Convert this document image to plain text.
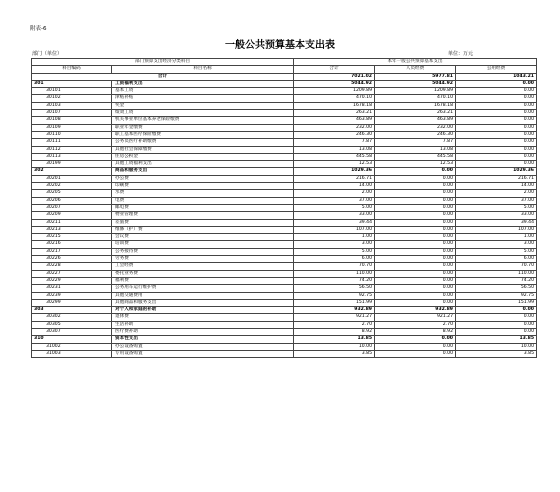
附表-6
一般公共预算基本支出表
部门（单位）	单位：万元
部门预算支出经济分类科目		本年一般公共预算基本支出		
科目编码	科目名称	合计	人员经费	公用经费
合计		7021.02	5977.81	1043.21
301	工资福利支出	5044.92	5044.92	0.00
30101	基本工资	1209.89	1209.89	0.00
30102	津贴补贴	470.10	470.10	0.00
30103	奖金	1678.18	1678.18	0.00
30107	绩效工资	263.21	263.21	0.00
30108	机关事业单位基本养老保险缴费	463.89	463.89	0.00
30109	职业年金缴费	232.00	232.00	0.00
30110	职工基本医疗保险缴费	246.30	246.30	0.00
30111	公务员医疗补助缴费	7.87	7.87	0.00
30112	其他社会保障缴费	13.08	13.08	0.00
30113	住房公积金	445.58	445.58	0.00
30199	其他工资福利支出	12.53	12.53	0.00
302	商品和服务支出	1029.36	0.00	1029.36
30201	办公费	216.71	0.00	216.71
30202	印刷费	14.00	0.00	14.00
30205	水费	2.00	0.00	2.00
30206	电费	37.00	0.00	37.00
30207	邮电费	5.00	0.00	5.00
30209	物业管理费	33.00	0.00	33.00
30211	差旅费	39.44	0.00	39.44
30213	维修（护）费	107.00	0.00	107.00
30215	会议费	1.00	0.00	1.00
30216	培训费	3.00	0.00	3.00
30217	公务接待费	5.00	0.00	5.00
30226	劳务费	6.00	0.00	6.00
30228	工会经费	70.70	0.00	70.70
30227	委托业务费	110.00	0.00	110.00
30229	福利费	74.20	0.00	74.20
30231	公务用车运行维护费	56.50	0.00	56.50
30239	其他交通费用	92.75	0.00	92.75
30299	其他商品和服务支出	151.99	0.00	151.99
303	对个人和家庭的补助	932.89	932.89	0.00
30302	退休费	921.27	921.27	0.00
30305	生活补助	2.70	2.70	0.00
30307	医疗费补助	8.92	8.92	0.00
310	资本性支出	13.85	0.00	13.85
31002	办公设备购置	10.00	0.00	10.00
31003	专用设备购置	3.85	0.00	3.85
